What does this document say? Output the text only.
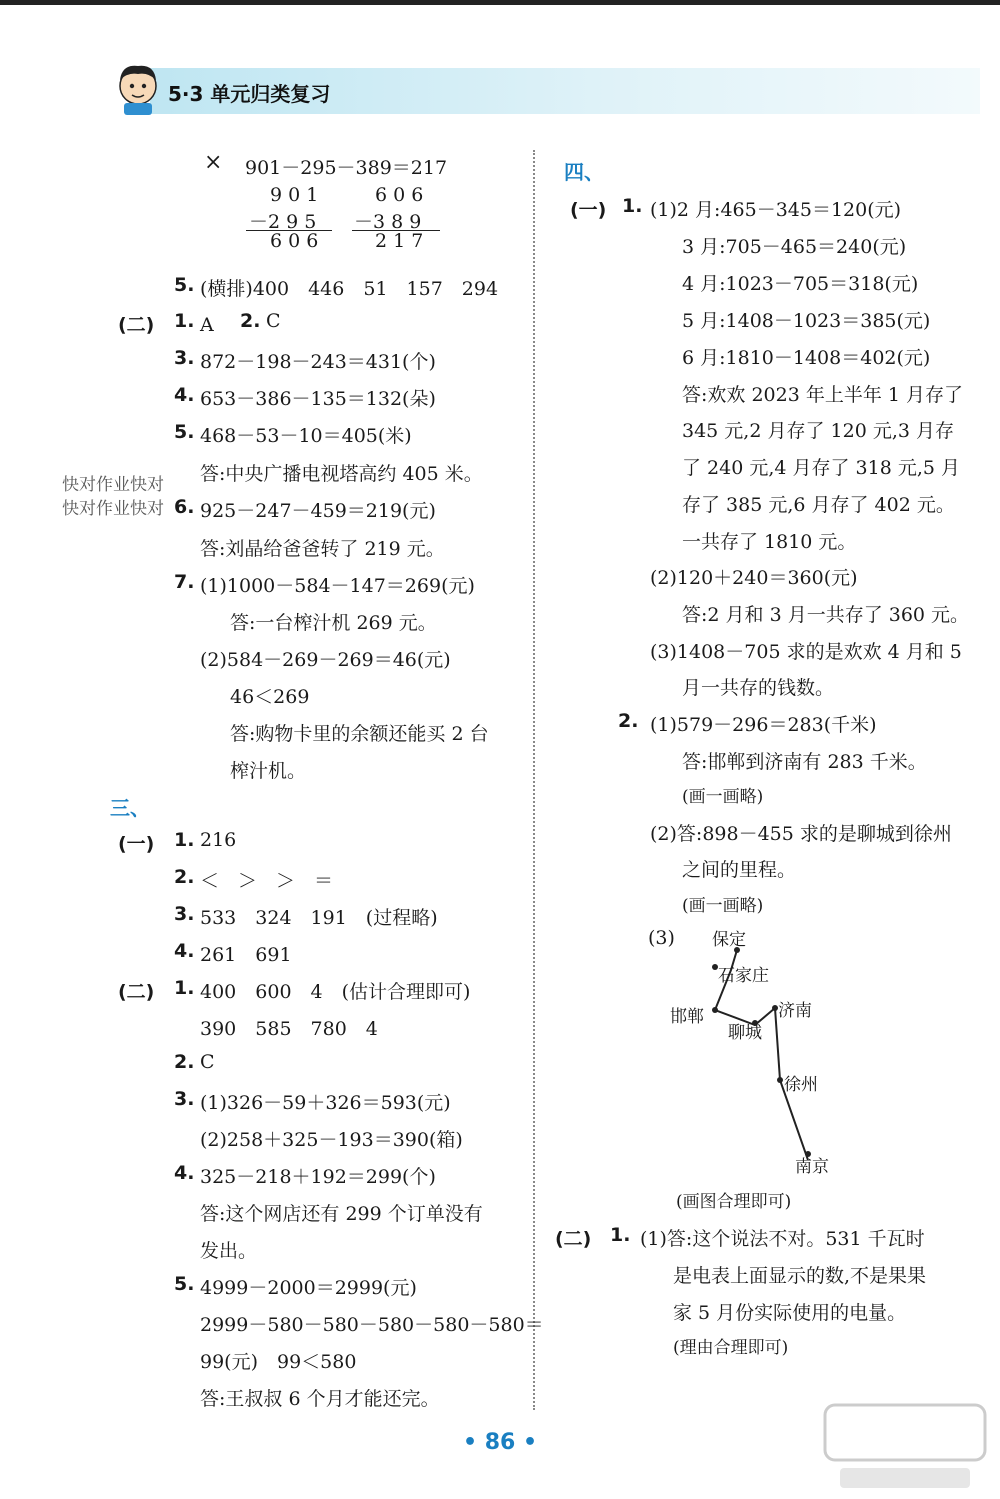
5·3 单元归类复习
快对作业快对
快对作业快对
× 901－295－389＝217
9 0 1
－2 9 5
6 0 6
6 0 6
－3 8 9
2 1 7
5. (横排)400　446　51　157　294
(二) 1. A　 2. C
3. 872－198－243＝431(个)
4. 653－386－135＝132(朵)
5. 468－53－10＝405(米)
答:中央广播电视塔高约 405 米。
6. 925－247－459＝219(元)
答:刘晶给爸爸转了 219 元。
7. (1)1000－584－147＝269(元)
答:一台榨汁机 269 元。
(2)584－269－269＝46(元)
46＜269
答:购物卡里的余额还能买 2 台
榨汁机。
三、
(一) 1. 216
2. ＜　＞　＞　＝
3. 533　324　191　(过程略)
4. 261　691
(二) 1. 400　600　4　(估计合理即可)
390　585　780　4
2. C
3. (1)326－59＋326＝593(元)
(2)258＋325－193＝390(箱)
4. 325－218＋192＝299(个)
答:这个网店还有 299 个订单没有
发出。
5. 4999－2000＝2999(元)
2999－580－580－580－580－580＝
99(元)　99＜580
答:王叔叔 6 个月才能还完。
四、
(一) 1. (1)2 月:465－345＝120(元)
3 月:705－465＝240(元)
4 月:1023－705＝318(元)
5 月:1408－1023＝385(元)
6 月:1810－1408＝402(元)
答:欢欢 2023 年上半年 1 月存了
345 元,2 月存了 120 元,3 月存
了 240 元,4 月存了 318 元,5 月
存了 385 元,6 月存了 402 元。
一共存了 1810 元。
(2)120＋240＝360(元)
答:2 月和 3 月一共存了 360 元。
(3)1408－705 求的是欢欢 4 月和 5
月一共存的钱数。
2. (1)579－296＝283(千米)
答:邯郸到济南有 283 千米。
(画一画略)
(2)答:898－455 求的是聊城到徐州
之间的里程。
(画一画略)
(3) 保定
石家庄
邯郸
聊城
济南
徐州
南京
(画图合理即可)
(二) 1. (1)答:这个说法不对。531 千瓦时
是电表上面显示的数,不是果果
家 5 月份实际使用的电量。
(理由合理即可)
• 86 •
